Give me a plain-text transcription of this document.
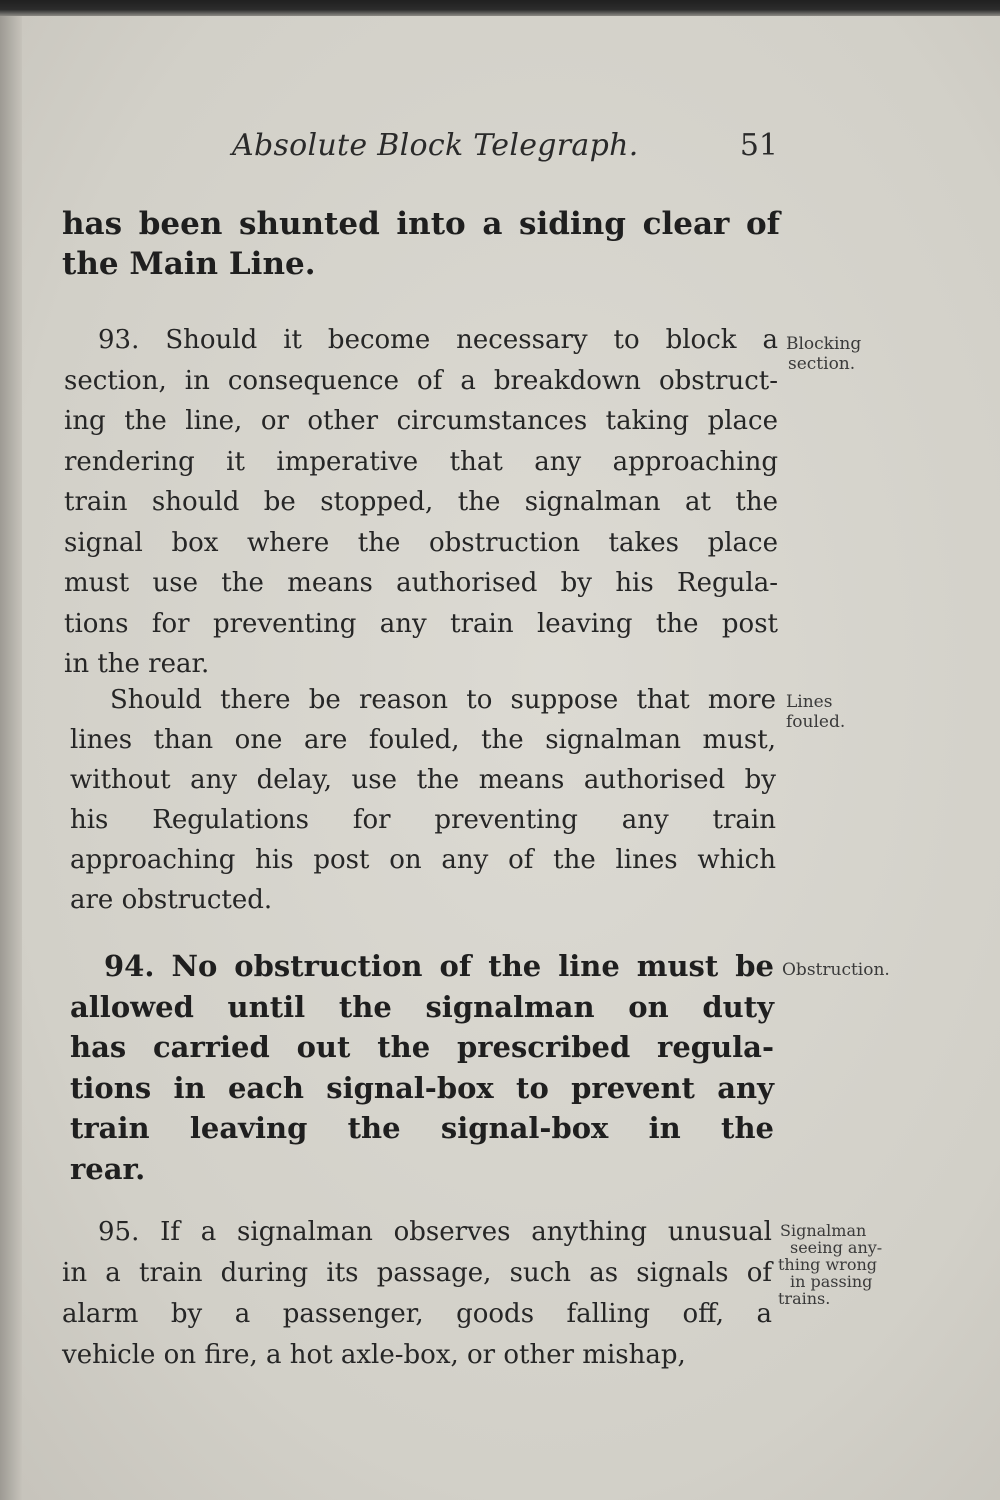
Absolute Block Telegraph.	51
has been shunted into a siding clear of
the Main Line.
93. Should it become necessary to block a
section, in consequence of a breakdown obstruct-
ing the line, or other circumstances taking place
rendering it imperative that any approaching
train should be stopped, the signalman at the
signal box where the obstruction takes place
must use the means authorised by his Regula-
tions for preventing any train leaving the post
in the rear.
Blocking
section.
Should there be reason to suppose that more
lines than one are fouled, the signalman must,
without any delay, use the means authorised by
his Regulations for preventing any train
approaching his post on any of the lines which
are obstructed.
Lines
fouled.
94. No obstruction of the line must be
allowed until the signalman on duty
has carried out the prescribed regula-
tions in each signal-box to prevent any
train leaving the signal-box in the
rear.
Obstruction.
95. If a signalman observes anything unusual
in a train during its passage, such as signals of
alarm by a passenger, goods falling off, a
vehicle on fire, a hot axle-box, or other mishap,
Signalman
seeing any-
thing wrong
in passing
trains.
